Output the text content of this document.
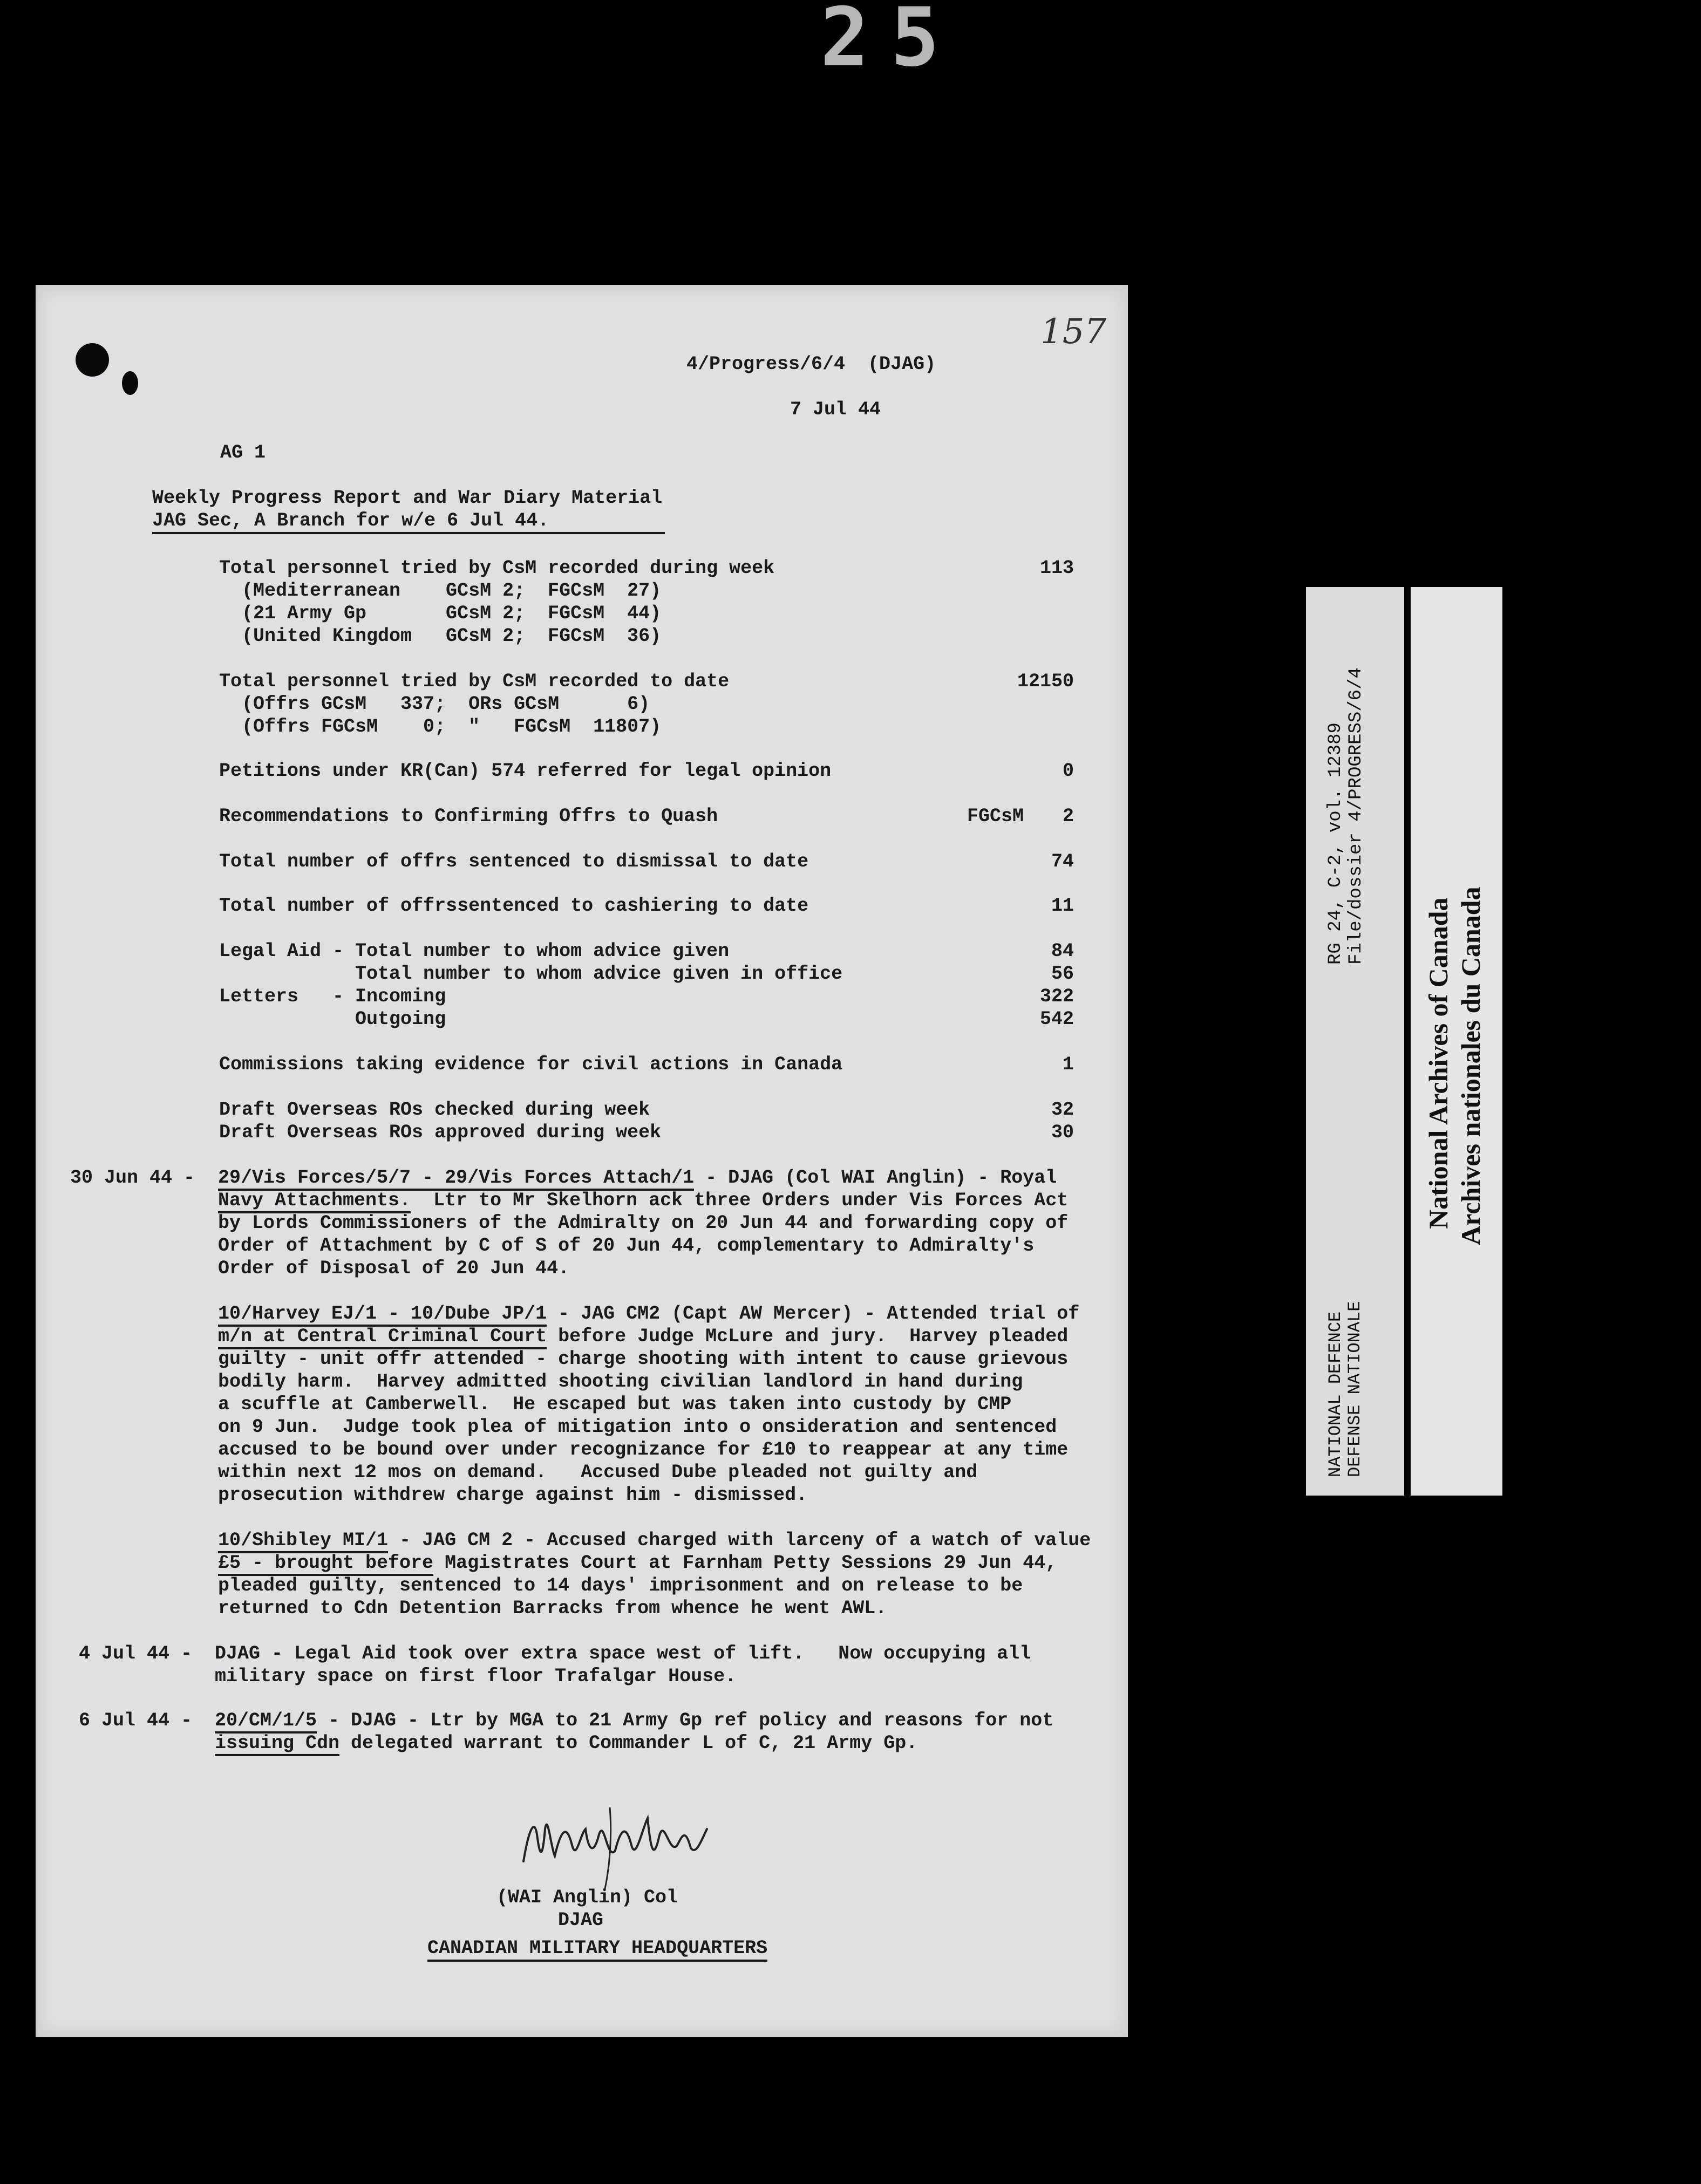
25
157
4/Progress/6/4  (DJAG)
7 Jul 44
AG 1
Weekly Progress Report and War Diary Material
JAG Sec, A Branch for w/e 6 Jul 44.
Total personnel tried by CsM recorded during week	113
(Mediterranean    GCsM 2;  FGCsM  27)
(21 Army Gp       GCsM 2;  FGCsM  44)
(United Kingdom   GCsM 2;  FGCsM  36)
Total personnel tried by CsM recorded to date	12150
(Offrs GCsM   337;  ORs GCsM      6)
(Offrs FGCsM    0;  "   FGCsM  11807)
Petitions under KR(Can) 574 referred for legal opinion	0
Recommendations to Confirming Offrs to Quash	FGCsM	2
Total number of offrs sentenced to dismissal to date	74
Total number of offrssentenced to cashiering to date	11
Legal Aid - Total number to whom advice given	84
Total number to whom advice given in office	56
Letters   - Incoming	322
Outgoing	542
Commissions taking evidence for civil actions in Canada	1
Draft Overseas ROs checked during week	32
Draft Overseas ROs approved during week	30
30 Jun 44 - 29/Vis Forces/5/7 - 29/Vis Forces Attach/1 - DJAG (Col WAI Anglin) - Royal
Navy Attachments.  Ltr to Mr Skelhorn ack three Orders under Vis Forces Act
by Lords Commissioners of the Admiralty on 20 Jun 44 and forwarding copy of
Order of Attachment by C of S of 20 Jun 44, complementary to Admiralty's
Order of Disposal of 20 Jun 44.
10/Harvey EJ/1 - 10/Dube JP/1 - JAG CM2 (Capt AW Mercer) - Attended trial of
m/n at Central Criminal Court before Judge McLure and jury.  Harvey pleaded
guilty - unit offr attended - charge shooting with intent to cause grievous
bodily harm.  Harvey admitted shooting civilian landlord in hand during
a scuffle at Camberwell.  He escaped but was taken into custody by CMP
on 9 Jun.  Judge took plea of mitigation into o onsideration and sentenced
accused to be bound over under recognizance for £10 to reappear at any time
within next 12 mos on demand.   Accused Dube pleaded not guilty and
prosecution withdrew charge against him - dismissed.
10/Shibley MI/1 - JAG CM 2 - Accused charged with larceny of a watch of value
£5 - brought before Magistrates Court at Farnham Petty Sessions 29 Jun 44,
pleaded guilty, sentenced to 14 days' imprisonment and on release to be
returned to Cdn Detention Barracks from whence he went AWL.
4 Jul 44 - DJAG - Legal Aid took over extra space west of lift.   Now occupying all
military space on first floor Trafalgar House.
6 Jul 44 - 20/CM/1/5 - DJAG - Ltr by MGA to 21 Army Gp ref policy and reasons for not
issuing Cdn delegated warrant to Commander L of C, 21 Army Gp.
(WAI Anglin) Col
DJAG
CANADIAN MILITARY HEADQUARTERS
RG 24, C-2, vol. 12389 File/dossier 4/PROGRESS/6/4
NATIONAL DEFENCE DEFENSE NATIONALE
National Archives of Canada Archives nationales du Canada
